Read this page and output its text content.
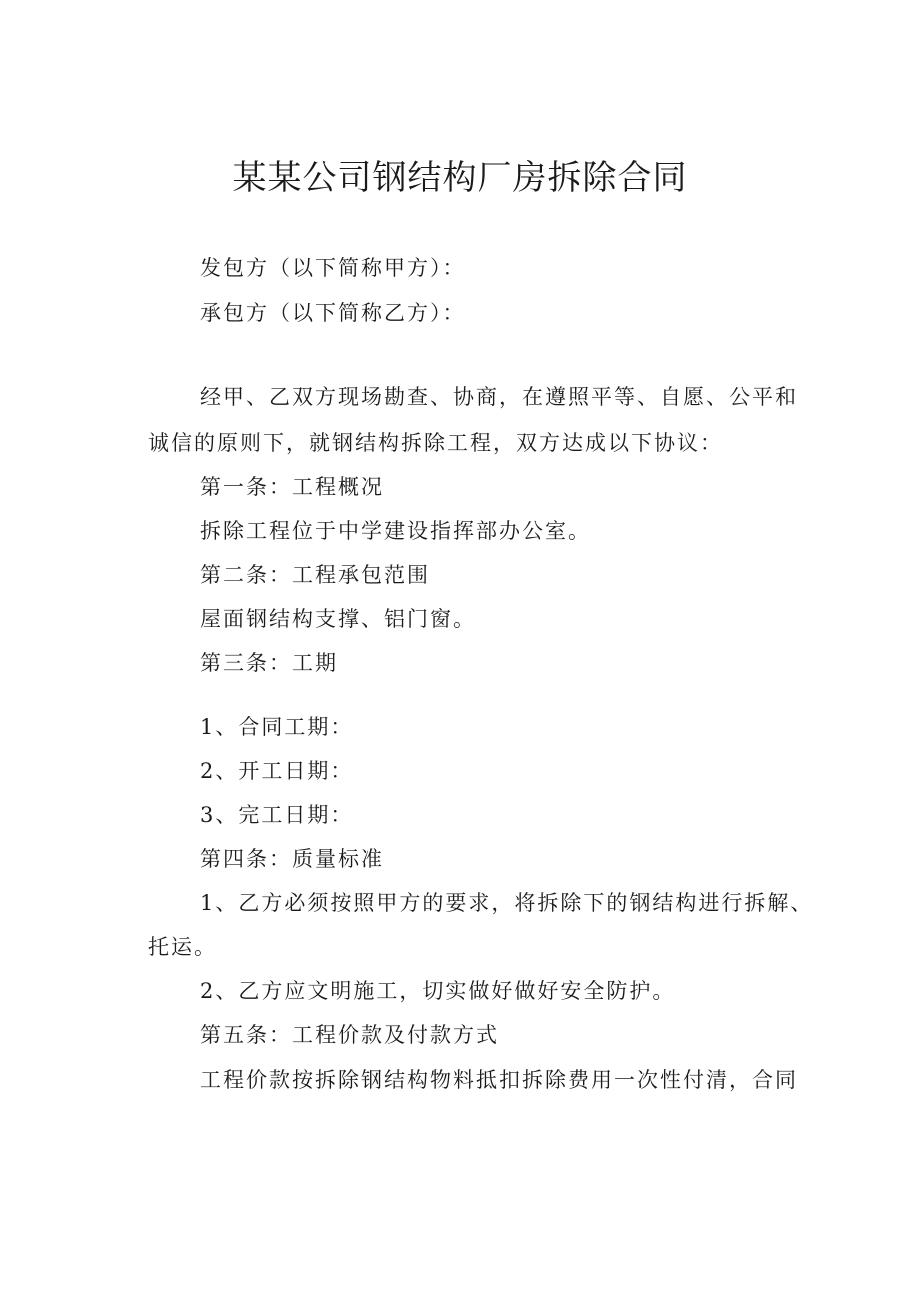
某某公司钢结构厂房拆除合同
发包方（以下简称甲方）：
承包方（以下简称乙方）：
经甲、乙双方现场勘查、协商，在遵照平等、自愿、公平和
诚信的原则下，就钢结构拆除工程，双方达成以下协议：
第一条：工程概况
拆除工程位于中学建设指挥部办公室。
第二条：工程承包范围
屋面钢结构支撑、铝门窗。
第三条：工期
1、合同工期：
2、开工日期：
3、完工日期：
第四条：质量标准
1、乙方必须按照甲方的要求，将拆除下的钢结构进行拆解、
托运。
2、乙方应文明施工，切实做好做好安全防护。
第五条：工程价款及付款方式
工程价款按拆除钢结构物料抵扣拆除费用一次性付清，合同
